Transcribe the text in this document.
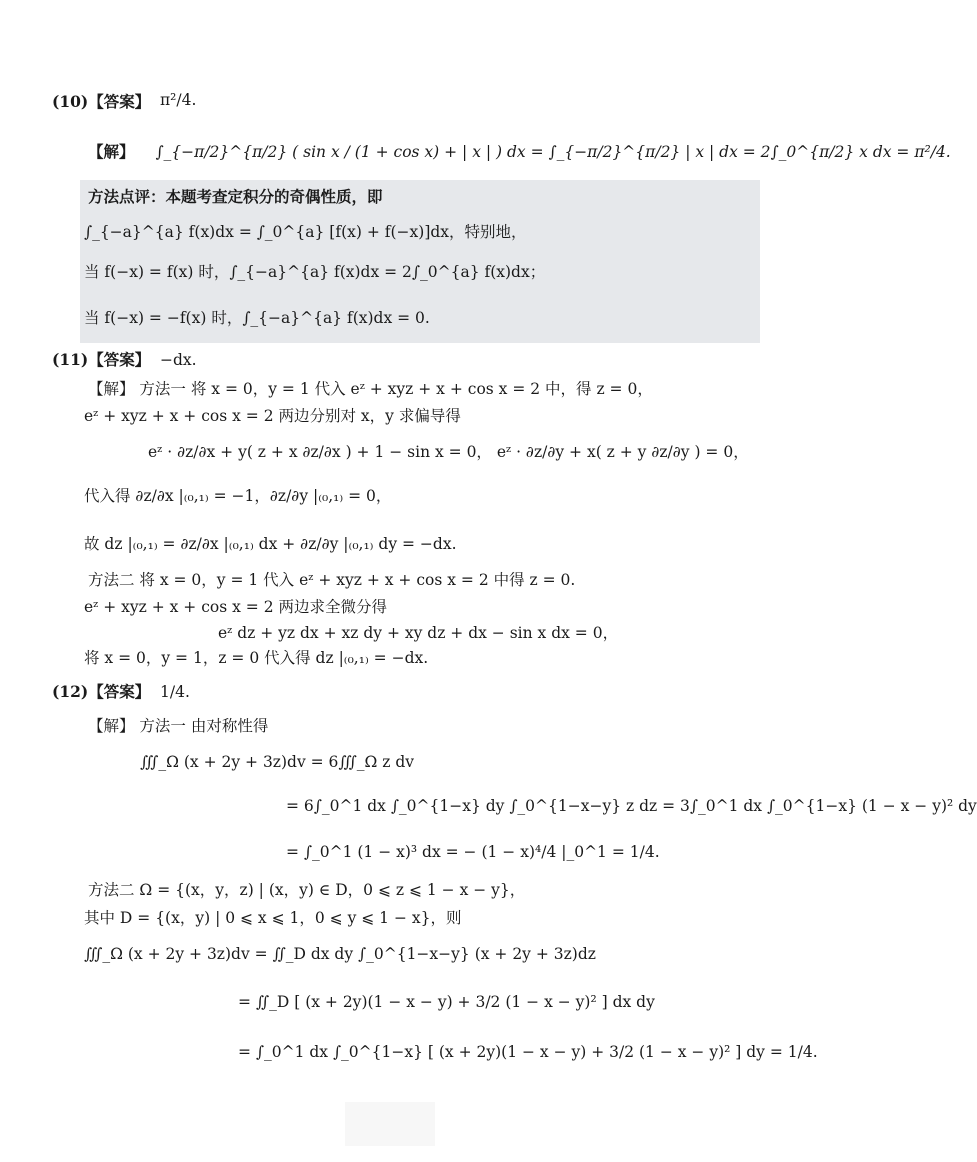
(10)【答案】 π²/4.
【解】 ∫_{−π/2}^{π/2} ( sin x / (1 + cos x) + | x | ) dx = ∫_{−π/2}^{π/2} | x | dx = 2∫_0^{π/2} x dx = π²/4.
方法点评：本题考查定积分的奇偶性质，即
∫_{−a}^{a} f(x)dx = ∫_0^{a} [f(x) + f(−x)]dx，特别地，
当 f(−x) = f(x) 时，∫_{−a}^{a} f(x)dx = 2∫_0^{a} f(x)dx；
当 f(−x) = −f(x) 时，∫_{−a}^{a} f(x)dx = 0.
(11)【答案】 −dx.
【解】 方法一 将 x = 0，y = 1 代入 eᶻ + xyz + x + cos x = 2 中，得 z = 0，
eᶻ + xyz + x + cos x = 2 两边分别对 x，y 求偏导得
eᶻ · ∂z/∂x + y( z + x ∂z/∂x ) + 1 − sin x = 0， eᶻ · ∂z/∂y + x( z + y ∂z/∂y ) = 0，
代入得 ∂z/∂x |₍₀,₁₎ = −1，∂z/∂y |₍₀,₁₎ = 0，
故 dz |₍₀,₁₎ = ∂z/∂x |₍₀,₁₎ dx + ∂z/∂y |₍₀,₁₎ dy = −dx.
方法二 将 x = 0，y = 1 代入 eᶻ + xyz + x + cos x = 2 中得 z = 0.
eᶻ + xyz + x + cos x = 2 两边求全微分得
eᶻ dz + yz dx + xz dy + xy dz + dx − sin x dx = 0，
将 x = 0，y = 1，z = 0 代入得 dz |₍₀,₁₎ = −dx.
(12)【答案】 1/4.
【解】 方法一 由对称性得
∭_Ω (x + 2y + 3z)dv = 6∭_Ω z dv
= 6∫_0^1 dx ∫_0^{1−x} dy ∫_0^{1−x−y} z dz = 3∫_0^1 dx ∫_0^{1−x} (1 − x − y)² dy
= ∫_0^1 (1 − x)³ dx = − (1 − x)⁴/4 |_0^1 = 1/4.
方法二 Ω = {(x，y，z) | (x，y) ∈ D，0 ⩽ z ⩽ 1 − x − y}，
其中 D = {(x，y) | 0 ⩽ x ⩽ 1，0 ⩽ y ⩽ 1 − x}，则
∭_Ω (x + 2y + 3z)dv = ∬_D dx dy ∫_0^{1−x−y} (x + 2y + 3z)dz
= ∬_D [ (x + 2y)(1 − x − y) + 3/2 (1 − x − y)² ] dx dy
= ∫_0^1 dx ∫_0^{1−x} [ (x + 2y)(1 − x − y) + 3/2 (1 − x − y)² ] dy = 1/4.
